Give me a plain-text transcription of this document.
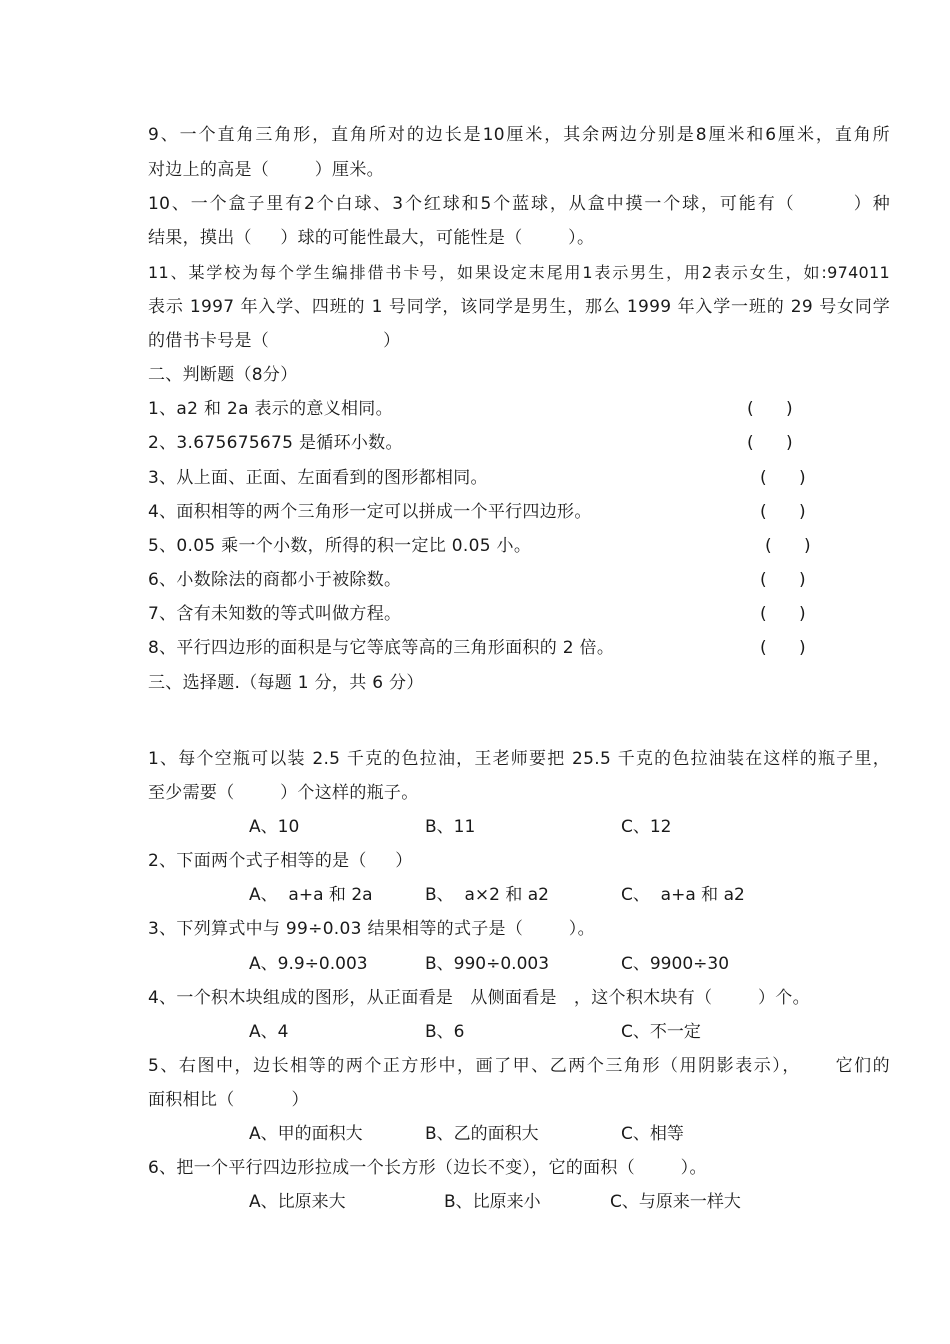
9、一个直角三角形，直角所对的边长是10厘米，其余两边分别是8厘米和6厘米，直角所
对边上的高是（        ）厘米。
10、一个盒子里有2个白球、3个红球和5个蓝球，从盒中摸一个球，可能有（        ）种
结果，摸出（     ）球的可能性最大，可能性是（        ）。
11、某学校为每个学生编排借书卡号，如果设定末尾用1表示男生，用2表示女生，如:974011
表示 1997 年入学、四班的 1 号同学，该同学是男生，那么 1999 年入学一班的 29 号女同学
的借书卡号是（                    ）
二、判断题（8分）
1、a2 和 2a 表示的意义相同。	(      )
2、3.675675675 是循环小数。	(      )
3、从上面、正面、左面看到的图形都相同。	(      )
4、面积相等的两个三角形一定可以拼成一个平行四边形。	(      )
5、0.05 乘一个小数，所得的积一定比 0.05 小。	(      )
6、小数除法的商都小于被除数。	(      )
7、含有未知数的等式叫做方程。	(      )
8、平行四边形的面积是与它等底等高的三角形面积的 2 倍。	(      )
三、选择题.（每题 1 分，共 6 分）
1、每个空瓶可以装 2.5 千克的色拉油，王老师要把 25.5 千克的色拉油装在这样的瓶子里，
至少需要（        ）个这样的瓶子。
A、10	B、11	C、12
2、下面两个式子相等的是（     ）
A、  a+a 和 2a	B、  a×2 和 a2	C、  a+a 和 a2
3、下列算式中与 99÷0.03 结果相等的式子是（        ）。
A、9.9÷0.003	B、990÷0.003	C、9900÷30
4、一个积木块组成的图形，从正面看是   从侧面看是   ，这个积木块有（        ）个。
A、4	B、6	C、不一定
5、右图中，边长相等的两个正方形中，画了甲、乙两个三角形（用阴影表示），     它们的
面积相比（          ）
A、甲的面积大	B、乙的面积大	C、相等
6、把一个平行四边形拉成一个长方形（边长不变），它的面积（        ）。
A、比原来大	B、比原来小	C、与原来一样大
